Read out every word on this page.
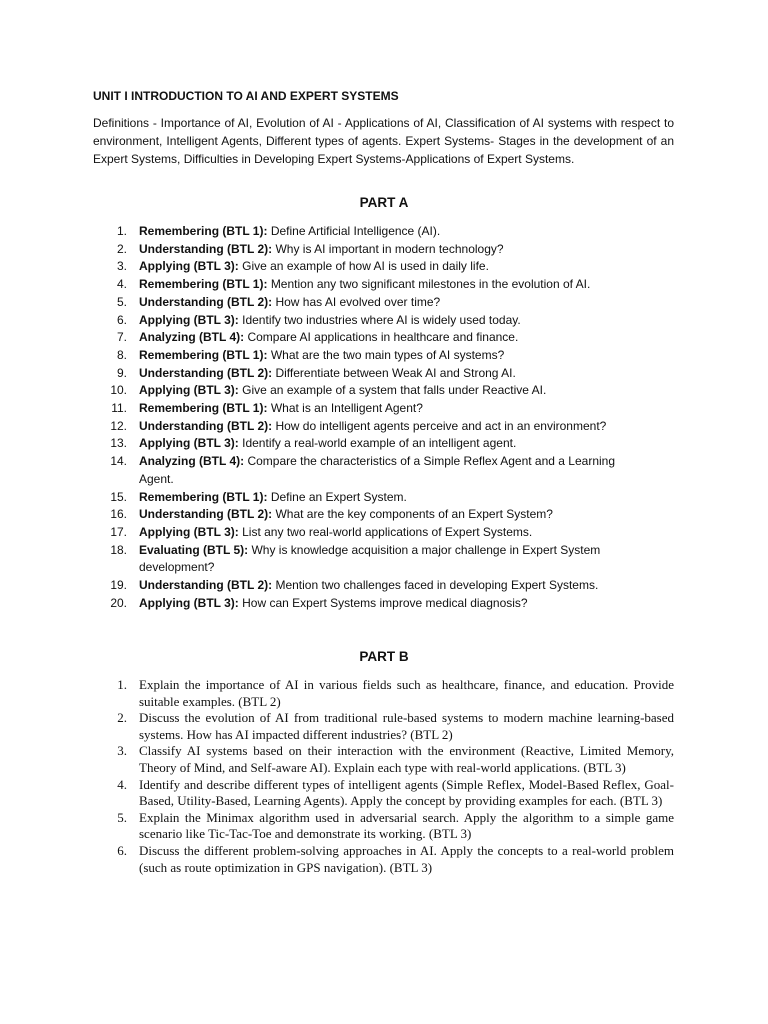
UNIT I INTRODUCTION TO AI AND EXPERT SYSTEMS

Definitions - Importance of AI, Evolution of AI - Applications of AI, Classification of AI systems with respect to environment, Intelligent Agents, Different types of agents. Expert Systems- Stages in the development of an Expert Systems, Difficulties in Developing Expert Systems-Applications of Expert Systems.

PART A
1. Remembering (BTL 1): Define Artificial Intelligence (AI).
2. Understanding (BTL 2): Why is AI important in modern technology?
3. Applying (BTL 3): Give an example of how AI is used in daily life.
4. Remembering (BTL 1): Mention any two significant milestones in the evolution of AI.
5. Understanding (BTL 2): How has AI evolved over time?
6. Applying (BTL 3): Identify two industries where AI is widely used today.
7. Analyzing (BTL 4): Compare AI applications in healthcare and finance.
8. Remembering (BTL 1): What are the two main types of AI systems?
9. Understanding (BTL 2): Differentiate between Weak AI and Strong AI.
10. Applying (BTL 3): Give an example of a system that falls under Reactive AI.
11. Remembering (BTL 1): What is an Intelligent Agent?
12. Understanding (BTL 2): How do intelligent agents perceive and act in an environment?
13. Applying (BTL 3): Identify a real-world example of an intelligent agent.
14. Analyzing (BTL 4): Compare the characteristics of a Simple Reflex Agent and a Learning Agent.
15. Remembering (BTL 1): Define an Expert System.
16. Understanding (BTL 2): What are the key components of an Expert System?
17. Applying (BTL 3): List any two real-world applications of Expert Systems.
18. Evaluating (BTL 5): Why is knowledge acquisition a major challenge in Expert System development?
19. Understanding (BTL 2): Mention two challenges faced in developing Expert Systems.
20. Applying (BTL 3): How can Expert Systems improve medical diagnosis?
PART B
1. Explain the importance of AI in various fields such as healthcare, finance, and education. Provide suitable examples. (BTL 2)
2. Discuss the evolution of AI from traditional rule-based systems to modern machine learning-based systems. How has AI impacted different industries? (BTL 2)
3. Classify AI systems based on their interaction with the environment (Reactive, Limited Memory, Theory of Mind, and Self-aware AI). Explain each type with real-world applications. (BTL 3)
4. Identify and describe different types of intelligent agents (Simple Reflex, Model-Based Reflex, Goal-Based, Utility-Based, Learning Agents). Apply the concept by providing examples for each. (BTL 3)
5. Explain the Minimax algorithm used in adversarial search. Apply the algorithm to a simple game scenario like Tic-Tac-Toe and demonstrate its working. (BTL 3)
6. Discuss the different problem-solving approaches in AI. Apply the concepts to a real-world problem (such as route optimization in GPS navigation). (BTL 3)
